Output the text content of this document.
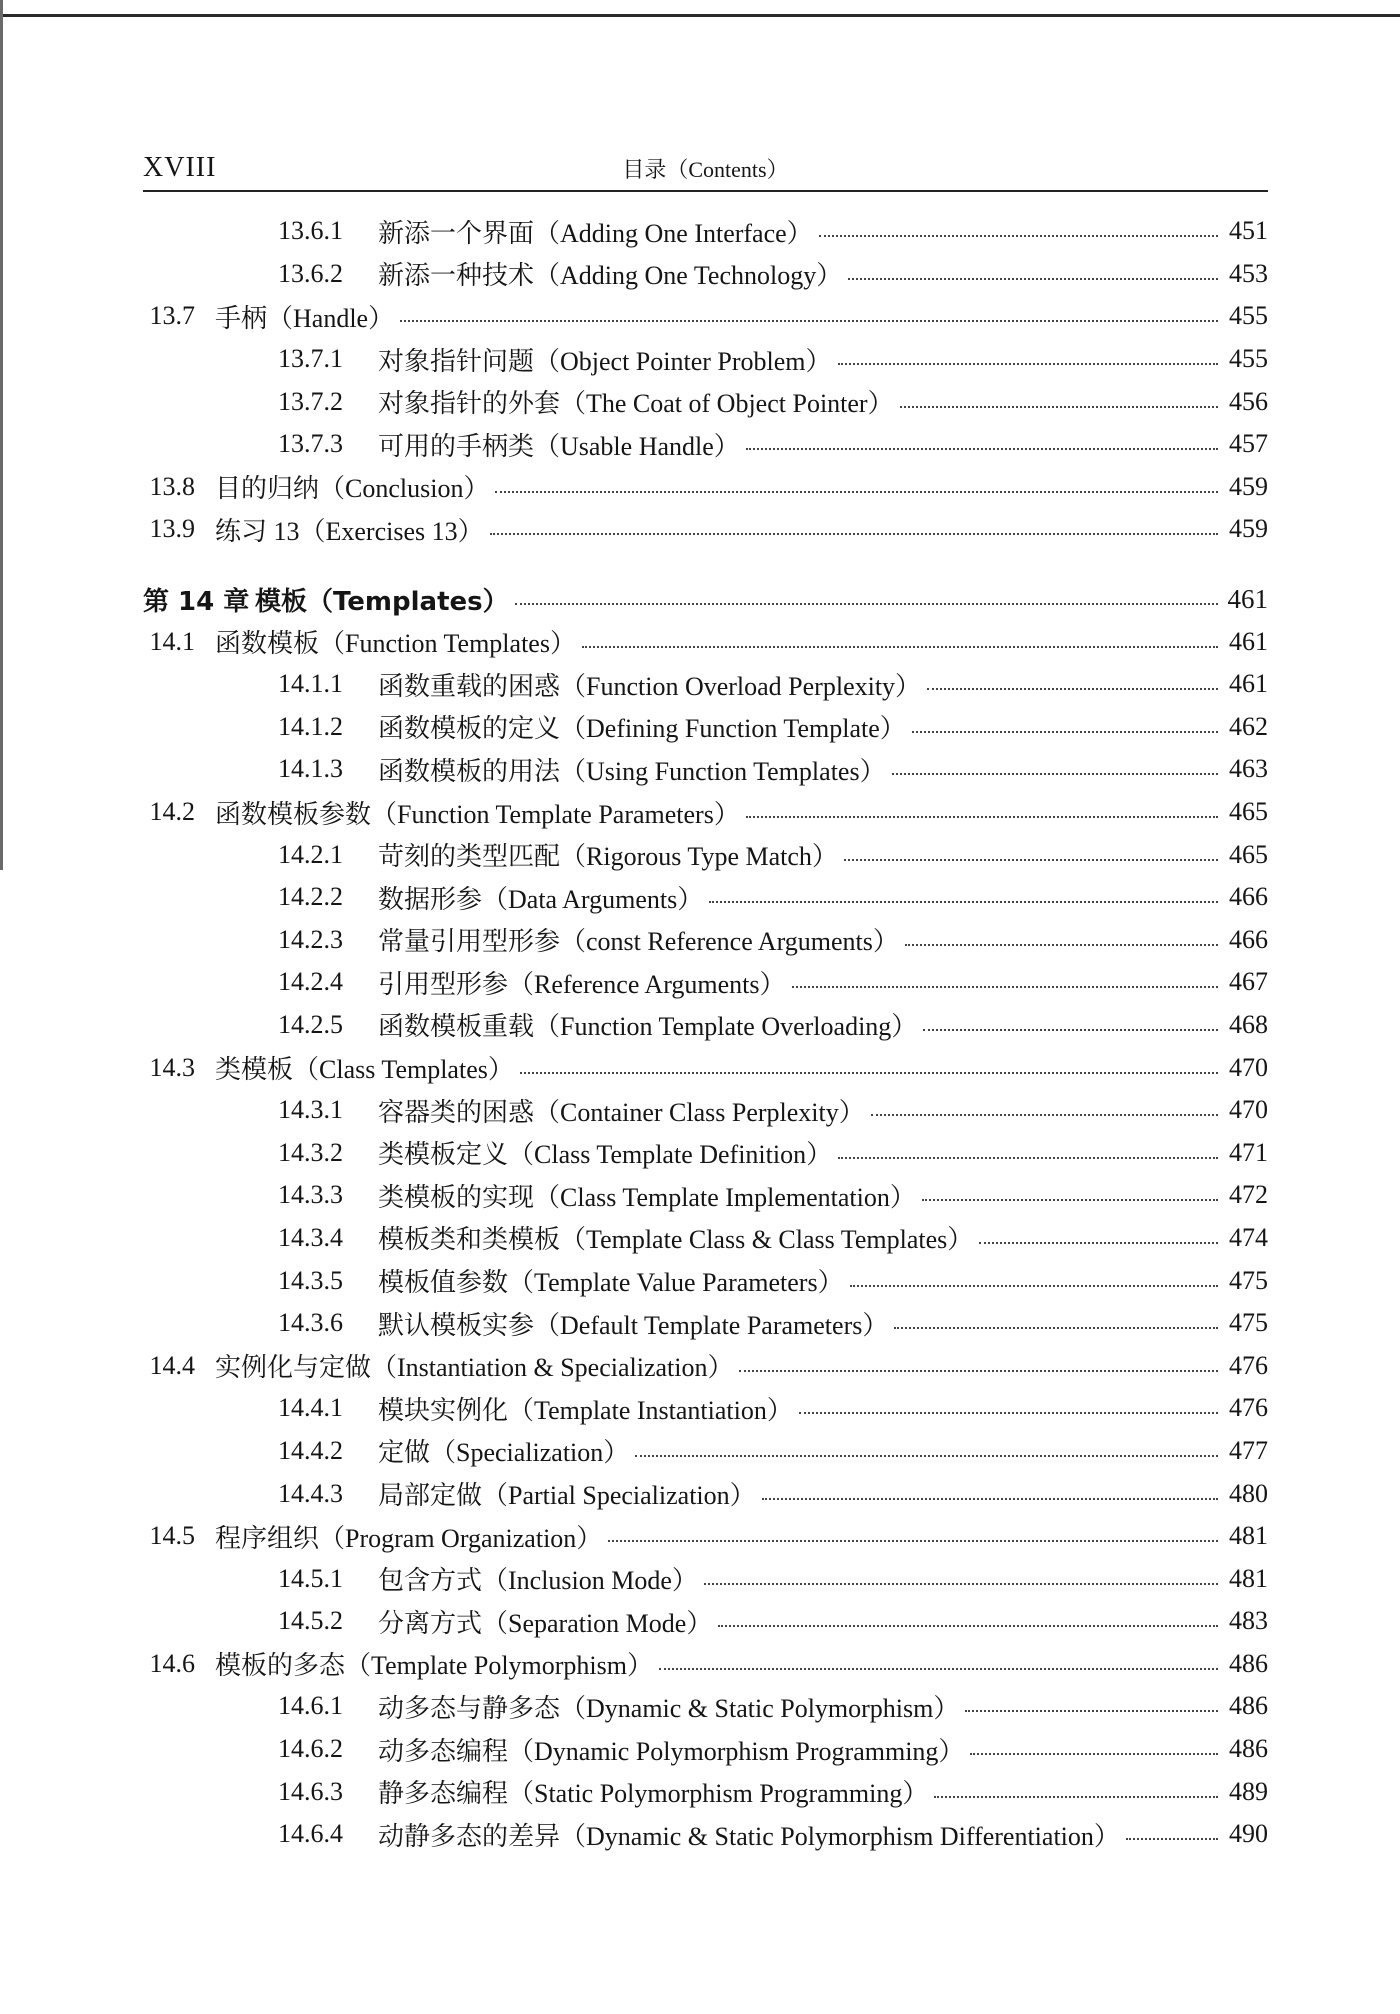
XVIII	目录（Contents）
13.6.1	新添一个界面（Adding One Interface）	451
13.6.2	新添一种技术（Adding One Technology）	453
13.7 手柄（Handle）	455
13.7.1	对象指针问题（Object Pointer Problem）	455
13.7.2	对象指针的外套（The Coat of Object Pointer）	456
13.7.3	可用的手柄类（Usable Handle）	457
13.8 目的归纳（Conclusion）	459
13.9 练习 13（Exercises 13）	459
第 14 章 模板（Templates）	461
14.1 函数模板（Function Templates）	461
14.1.1	函数重载的困惑（Function Overload Perplexity）	461
14.1.2	函数模板的定义（Defining Function Template）	462
14.1.3	函数模板的用法（Using Function Templates）	463
14.2 函数模板参数（Function Template Parameters）	465
14.2.1	苛刻的类型匹配（Rigorous Type Match）	465
14.2.2	数据形参（Data Arguments）	466
14.2.3	常量引用型形参（const Reference Arguments）	466
14.2.4	引用型形参（Reference Arguments）	467
14.2.5	函数模板重载（Function Template Overloading）	468
14.3 类模板（Class Templates）	470
14.3.1	容器类的困惑（Container Class Perplexity）	470
14.3.2	类模板定义（Class Template Definition）	471
14.3.3	类模板的实现（Class Template Implementation）	472
14.3.4	模板类和类模板（Template Class & Class Templates）	474
14.3.5	模板值参数（Template Value Parameters）	475
14.3.6	默认模板实参（Default Template Parameters）	475
14.4 实例化与定做（Instantiation & Specialization）	476
14.4.1	模块实例化（Template Instantiation）	476
14.4.2	定做（Specialization）	477
14.4.3	局部定做（Partial Specialization）	480
14.5 程序组织（Program Organization）	481
14.5.1	包含方式（Inclusion Mode）	481
14.5.2	分离方式（Separation Mode）	483
14.6 模板的多态（Template Polymorphism）	486
14.6.1	动多态与静多态（Dynamic & Static Polymorphism）	486
14.6.2	动多态编程（Dynamic Polymorphism Programming）	486
14.6.3	静多态编程（Static Polymorphism Programming）	489
14.6.4	动静多态的差异（Dynamic & Static Polymorphism Differentiation）	490
